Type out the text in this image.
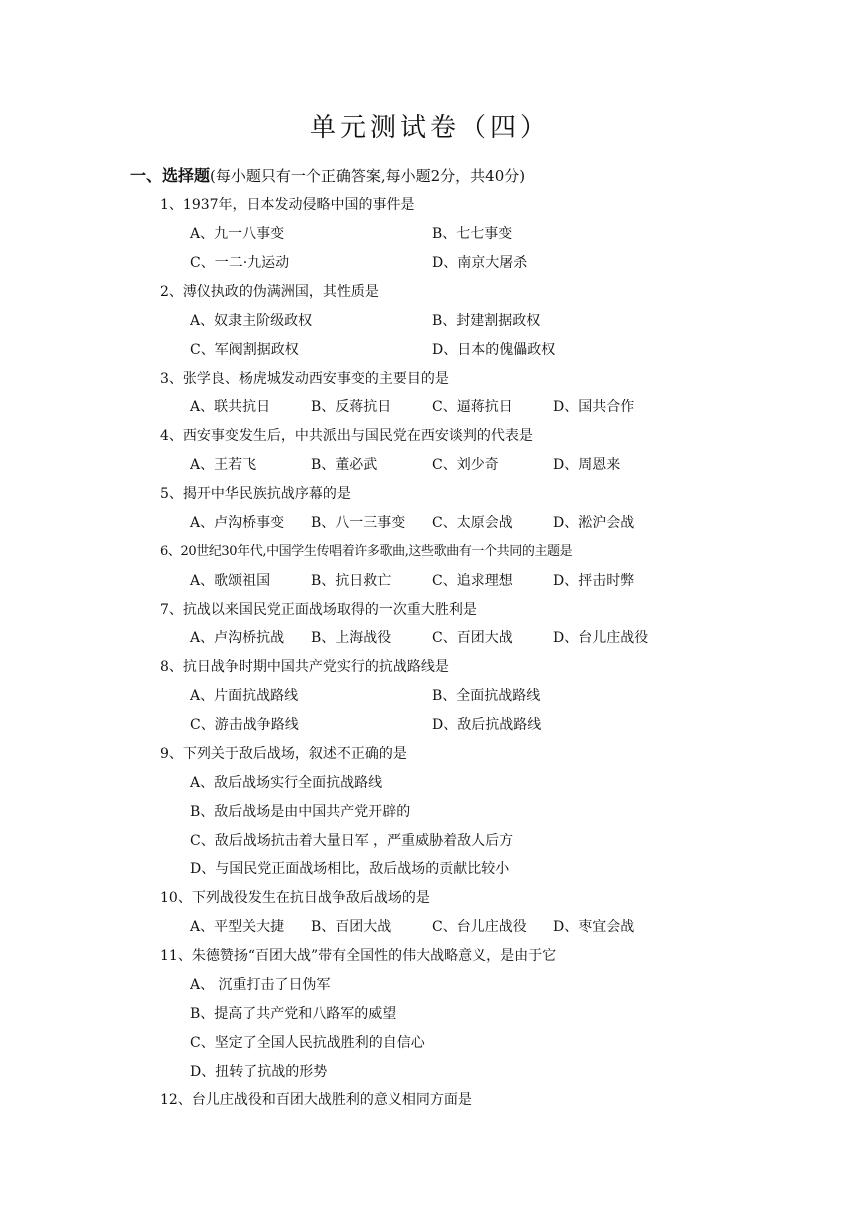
单元测试卷（四）
一、选择题(每小题只有一个正确答案,每小题2分，共40分)
1、1937年，日本发动侵略中国的事件是
A、九一八事变	B、七七事变
C、一二·九运动	D、南京大屠杀
2、溥仪执政的伪满洲国，其性质是
A、奴隶主阶级政权	B、封建割据政权
C、军阀割据政权	D、日本的傀儡政权
3、张学良、杨虎城发动西安事变的主要目的是
A、联共抗日	B、反蒋抗日	C、逼蒋抗日	D、国共合作
4、西安事变发生后，中共派出与国民党在西安谈判的代表是
A、王若飞	B、董必武	C、刘少奇	D、周恩来
5、揭开中华民族抗战序幕的是
A、卢沟桥事变 B、八一三事变 C、太原会战	D、淞沪会战
6、20世纪30年代,中国学生传唱着许多歌曲,这些歌曲有一个共同的主题是
A、歌颂祖国	B、抗日救亡	C、追求理想	D、抨击时弊
7、抗战以来国民党正面战场取得的一次重大胜利是
A、卢沟桥抗战 B、上海战役	C、百团大战	D、台儿庄战役
8、抗日战争时期中国共产党实行的抗战路线是
A、片面抗战路线	B、全面抗战路线
C、游击战争路线	D、敌后抗战路线
9、下列关于敌后战场，叙述不正确的是
A、敌后战场实行全面抗战路线
B、敌后战场是由中国共产党开辟的
C、敌后战场抗击着大量日军 ，严重威胁着敌人后方
D、与国民党正面战场相比，敌后战场的贡献比较小
10、下列战役发生在抗日战争敌后战场的是
A、平型关大捷 B、百团大战	C、台儿庄战役 D、枣宜会战
11、朱德赞扬“百团大战”带有全国性的伟大战略意义，是由于它
A、 沉重打击了日伪军
B、提高了共产党和八路军的威望
C、坚定了全国人民抗战胜利的自信心
D、扭转了抗战的形势
12、台儿庄战役和百团大战胜利的意义相同方面是
